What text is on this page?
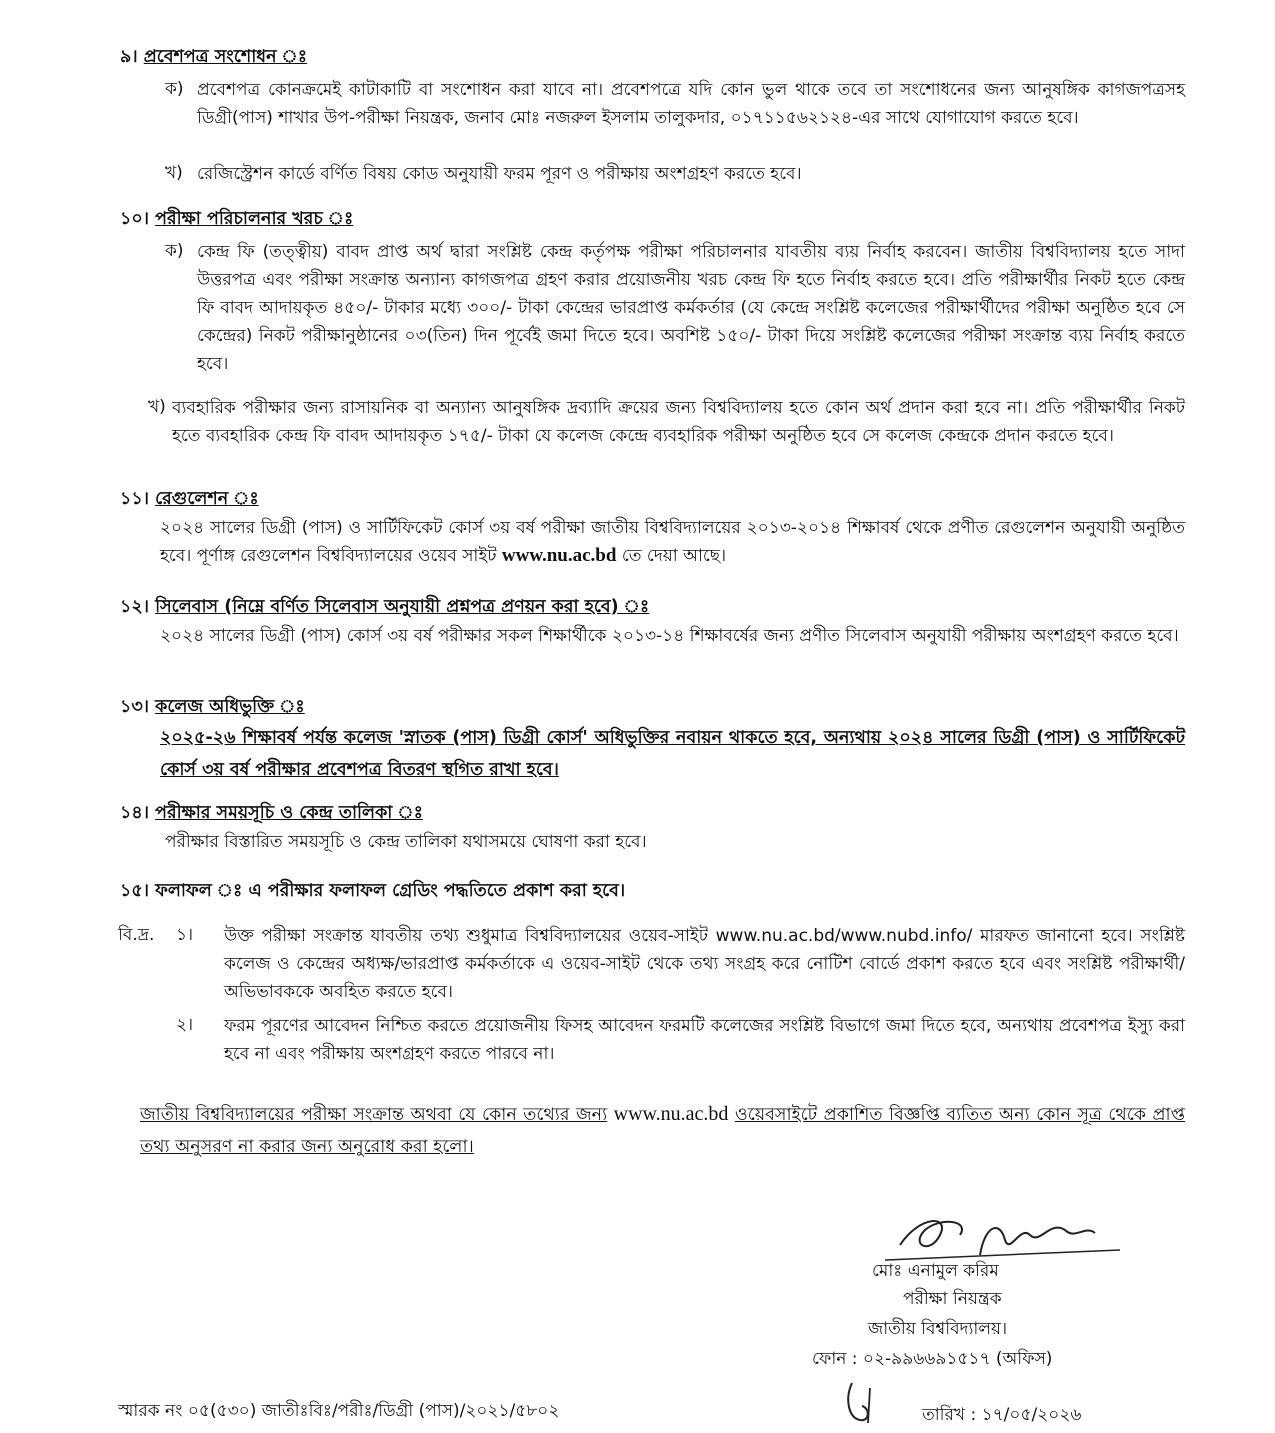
৯। প্রবেশপত্র সংশোধন ঃ
ক) প্রবেশপত্র কোনক্রমেই কাটাকাটি বা সংশোধন করা যাবে না। প্রবেশপত্রে যদি কোন ভুল থাকে তবে তা সংশোধনের জন্য আনুষঙ্গিক কাগজপত্রসহ ডিগ্রী(পাস) শাখার উপ-পরীক্ষা নিয়ন্ত্রক, জনাব মোঃ নজরুল ইসলাম তালুকদার, ০১৭১১৫৬২১২৪-এর সাথে যোগাযোগ করতে হবে।
খ) রেজিস্ট্রেশন কার্ডে বর্ণিত বিষয় কোড অনুযায়ী ফরম পূরণ ও পরীক্ষায় অংশগ্রহণ করতে হবে।
১০। পরীক্ষা পরিচালনার খরচ ঃ
ক) কেন্দ্র ফি (তত্ত্বীয়) বাবদ প্রাপ্ত অর্থ দ্বারা সংশ্লিষ্ট কেন্দ্র কর্তৃপক্ষ পরীক্ষা পরিচালনার যাবতীয় ব্যয় নির্বাহ করবেন। জাতীয় বিশ্ববিদ্যালয় হতে সাদা উত্তরপত্র এবং পরীক্ষা সংক্রান্ত অন্যান্য কাগজপত্র গ্রহণ করার প্রয়োজনীয় খরচ কেন্দ্র ফি হতে নির্বাহ করতে হবে। প্রতি পরীক্ষার্থীর নিকট হতে কেন্দ্র ফি বাবদ আদায়কৃত ৪৫০/- টাকার মধ্যে ৩০০/- টাকা কেন্দ্রের ভারপ্রাপ্ত কর্মকর্তার (যে কেন্দ্রে সংশ্লিষ্ট কলেজের পরীক্ষার্থীদের পরীক্ষা অনুষ্ঠিত হবে সে কেন্দ্রের) নিকট পরীক্ষানুষ্ঠানের ০৩(তিন) দিন পূর্বেই জমা দিতে হবে। অবশিষ্ট ১৫০/- টাকা দিয়ে সংশ্লিষ্ট কলেজের পরীক্ষা সংক্রান্ত ব্যয় নির্বাহ করতে হবে।
খ) ব্যবহারিক পরীক্ষার জন্য রাসায়নিক বা অন্যান্য আনুষঙ্গিক দ্রব্যাদি ক্রয়ের জন্য বিশ্ববিদ্যালয় হতে কোন অর্থ প্রদান করা হবে না। প্রতি পরীক্ষার্থীর নিকট হতে ব্যবহারিক কেন্দ্র ফি বাবদ আদায়কৃত ১৭৫/- টাকা যে কলেজ কেন্দ্রে ব্যবহারিক পরীক্ষা অনুষ্ঠিত হবে সে কলেজ কেন্দ্রকে প্রদান করতে হবে।
১১। রেগুলেশন ঃ
২০২৪ সালের ডিগ্রী (পাস) ও সার্টিফিকেট কোর্স ৩য় বর্ষ পরীক্ষা জাতীয় বিশ্ববিদ্যালয়ের ২০১৩-২০১৪ শিক্ষাবর্ষ থেকে প্রণীত রেগুলেশন অনুযায়ী অনুষ্ঠিত হবে। পূর্ণাঙ্গ রেগুলেশন বিশ্ববিদ্যালয়ের ওয়েব সাইট www.nu.ac.bd তে দেয়া আছে।
১২। সিলেবাস (নিম্নে বর্ণিত সিলেবাস অনুযায়ী প্রশ্নপত্র প্রণয়ন করা হবে) ঃ
২০২৪ সালের ডিগ্রী (পাস) কোর্স ৩য় বর্ষ পরীক্ষার সকল শিক্ষার্থীকে ২০১৩-১৪ শিক্ষাবর্ষের জন্য প্রণীত সিলেবাস অনুযায়ী পরীক্ষায় অংশগ্রহণ করতে হবে।
১৩। কলেজ অধিভুক্তি ঃ
২০২৫-২৬ শিক্ষাবর্ষ পর্যন্ত কলেজ 'স্নাতক (পাস) ডিগ্রী কোর্স' অধিভুক্তির নবায়ন থাকতে হবে, অন্যথায় ২০২৪ সালের ডিগ্রী (পাস) ও সার্টিফিকেট কোর্স ৩য় বর্ষ পরীক্ষার প্রবেশপত্র বিতরণ স্থগিত রাখা হবে।
১৪। পরীক্ষার সময়সূচি ও কেন্দ্র তালিকা ঃ
পরীক্ষার বিস্তারিত সময়সূচি ও কেন্দ্র তালিকা যথাসময়ে ঘোষণা করা হবে।
১৫। ফলাফল ঃ এ পরীক্ষার ফলাফল গ্রেডিং পদ্ধতিতে প্রকাশ করা হবে।
বি.দ্র. ১। উক্ত পরীক্ষা সংক্রান্ত যাবতীয় তথ্য শুধুমাত্র বিশ্ববিদ্যালয়ের ওয়েব-সাইট www.nu.ac.bd/www.nubd.info/ মারফত জানানো হবে। সংশ্লিষ্ট কলেজ ও কেন্দ্রের অধ্যক্ষ/ভারপ্রাপ্ত কর্মকর্তাকে এ ওয়েব-সাইট থেকে তথ্য সংগ্রহ করে নোটিশ বোর্ডে প্রকাশ করতে হবে এবং সংশ্লিষ্ট পরীক্ষার্থী/অভিভাবককে অবহিত করতে হবে।
২। ফরম পূরণের আবেদন নিশ্চিত করতে প্রয়োজনীয় ফিসহ আবেদন ফরমটি কলেজের সংশ্লিষ্ট বিভাগে জমা দিতে হবে, অন্যথায় প্রবেশপত্র ইস্যু করা হবে না এবং পরীক্ষায় অংশগ্রহণ করতে পারবে না।
জাতীয় বিশ্ববিদ্যালয়ের পরীক্ষা সংক্রান্ত অথবা যে কোন তথ্যের জন্য www.nu.ac.bd ওয়েবসাইটে প্রকাশিত বিজ্ঞপ্তি ব্যতিত অন্য কোন সূত্র থেকে প্রাপ্ত তথ্য অনুসরণ না করার জন্য অনুরোধ করা হলো।
মোঃ এনামুল করিম
পরীক্ষা নিয়ন্ত্রক
জাতীয় বিশ্ববিদ্যালয়।
ফোন : ০২-৯৯৬৬৯১৫১৭ (অফিস)
স্মারক নং ০৫(৫৩০) জাতীঃবিঃ/পরীঃ/ডিগ্রী (পাস)/২০২১/৫৮০২	তারিখ : ১৭/০৫/২০২৬
